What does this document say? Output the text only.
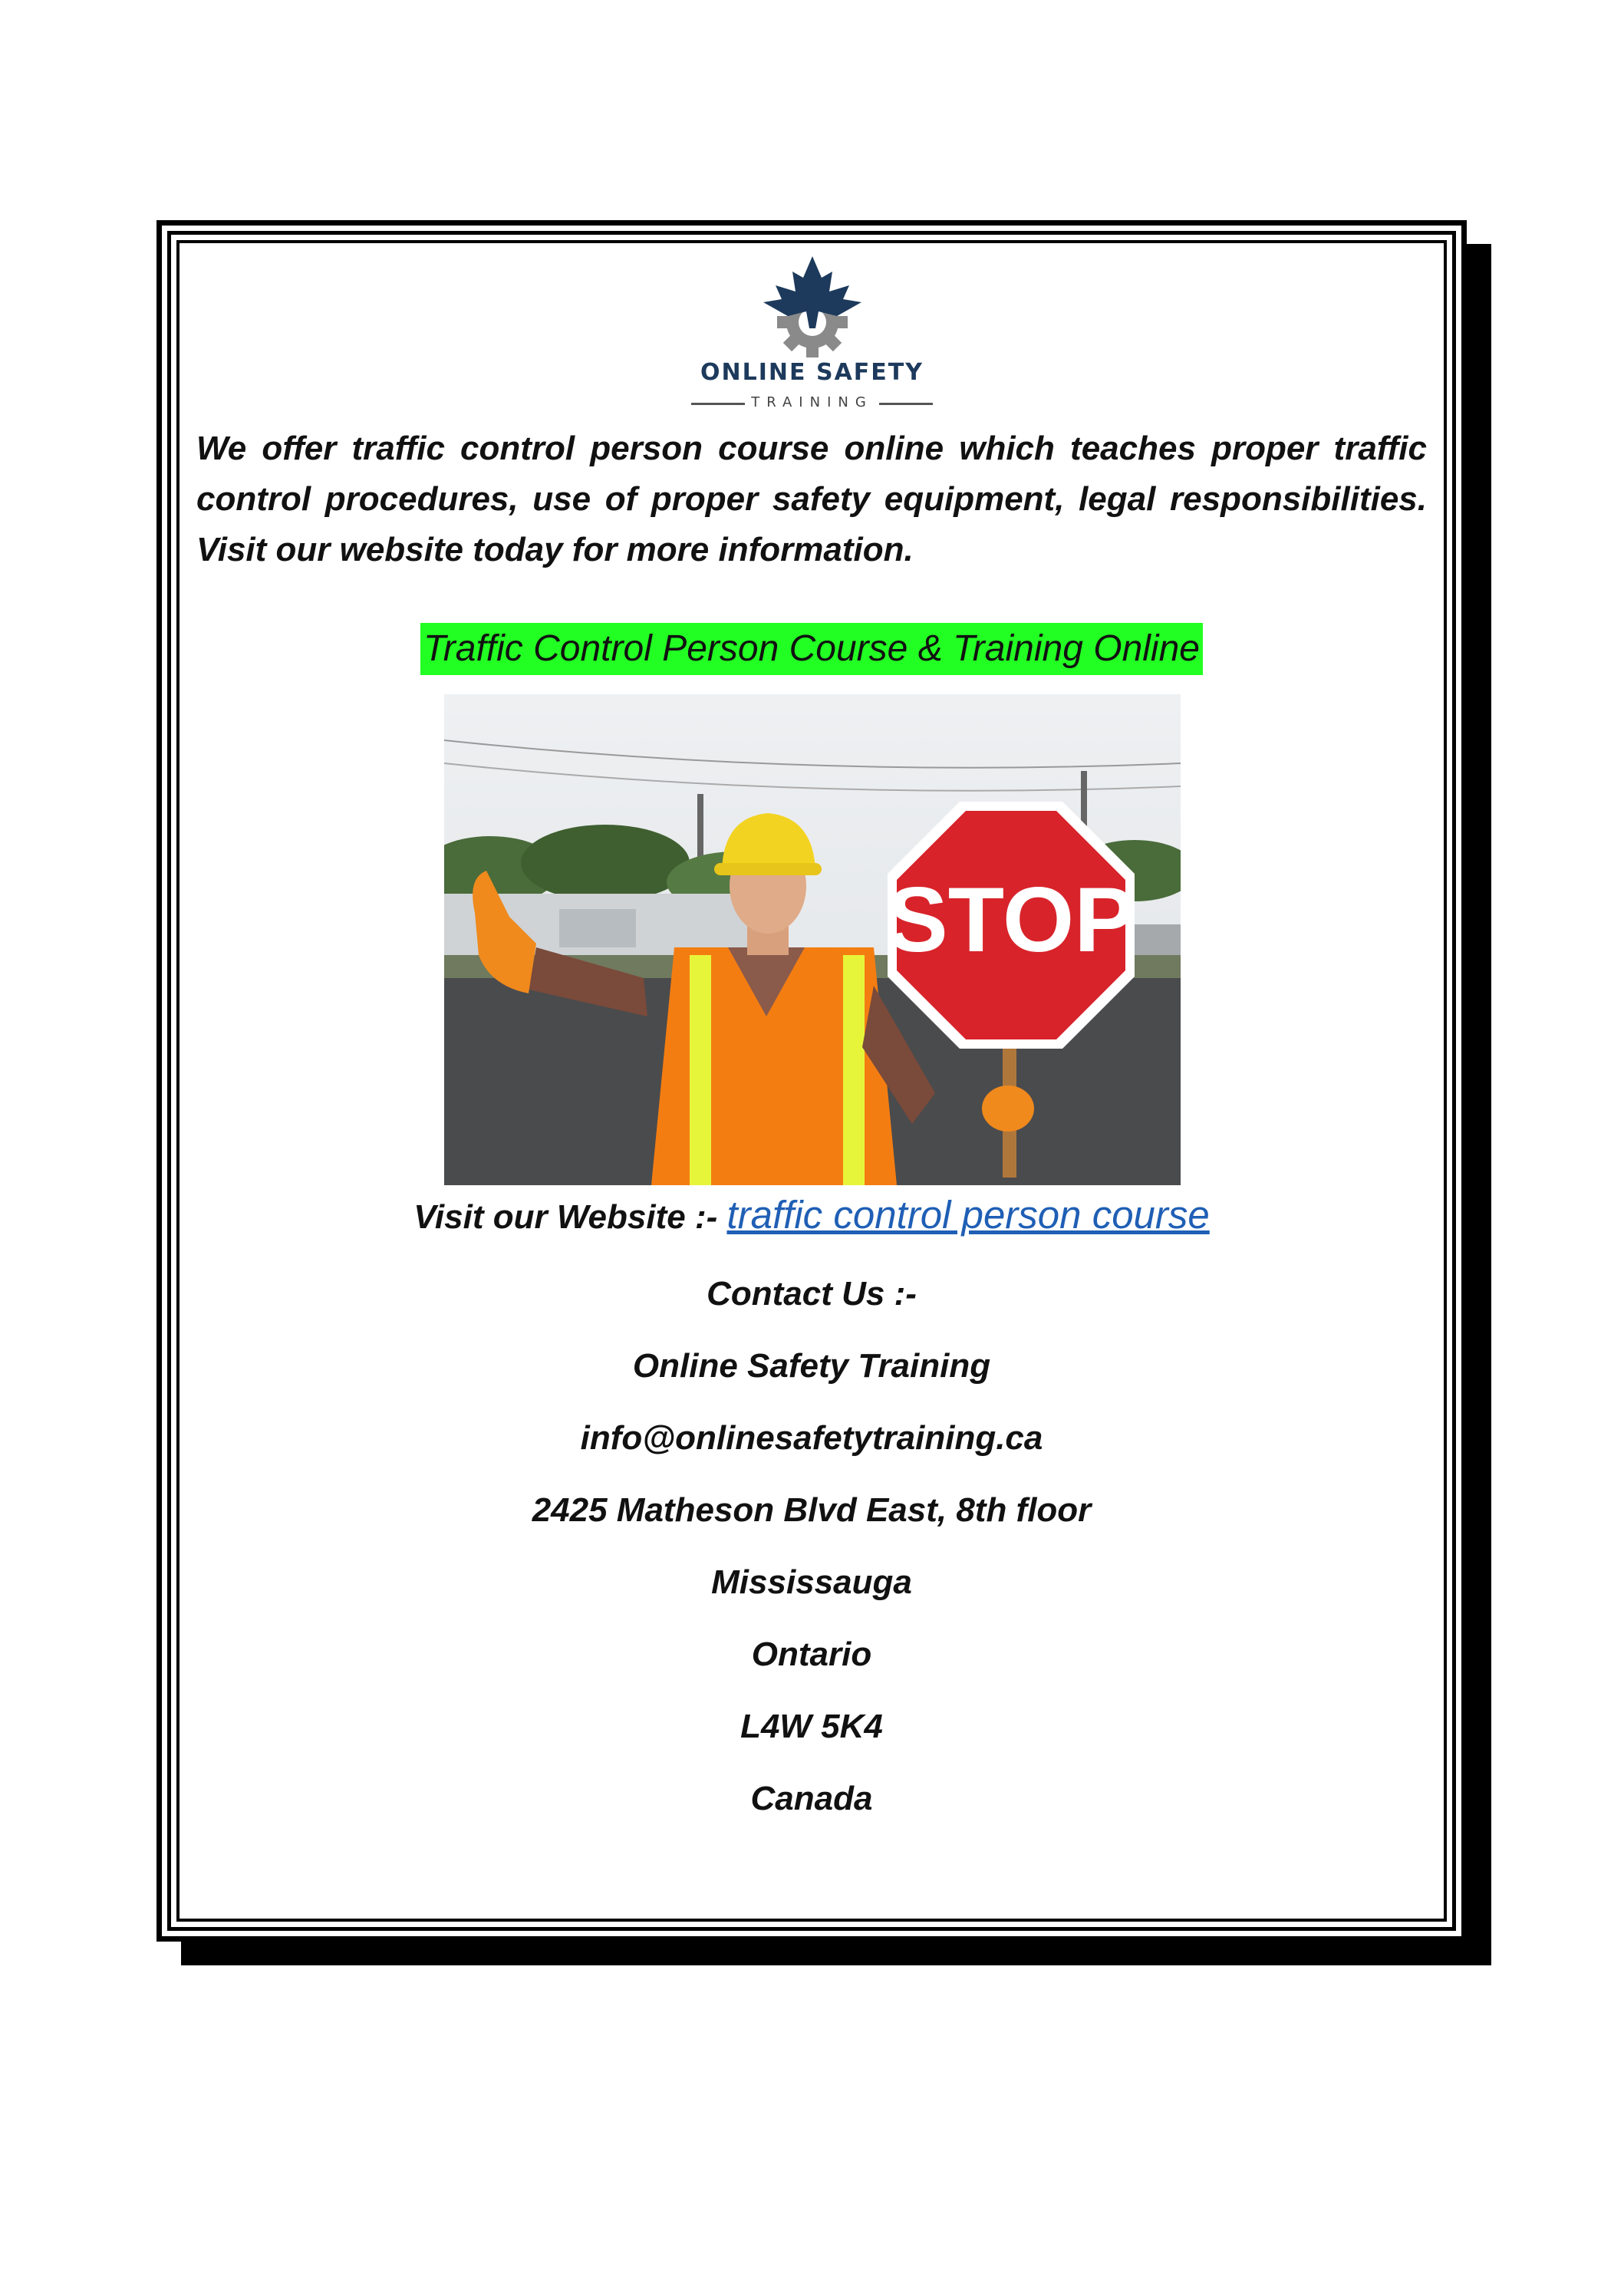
ONLINE SAFETY
TRAINING
We offer traffic control person course online which teaches proper traffic control procedures, use of proper safety equipment, legal responsibilities. Visit our website today for more information.
Traffic Control Person Course & Training Online
STOP
Visit our Website :- traffic control person course
Contact Us :-
Online Safety Training
info@onlinesafetytraining.ca
2425 Matheson Blvd East, 8th floor
Mississauga
Ontario
L4W 5K4
Canada
